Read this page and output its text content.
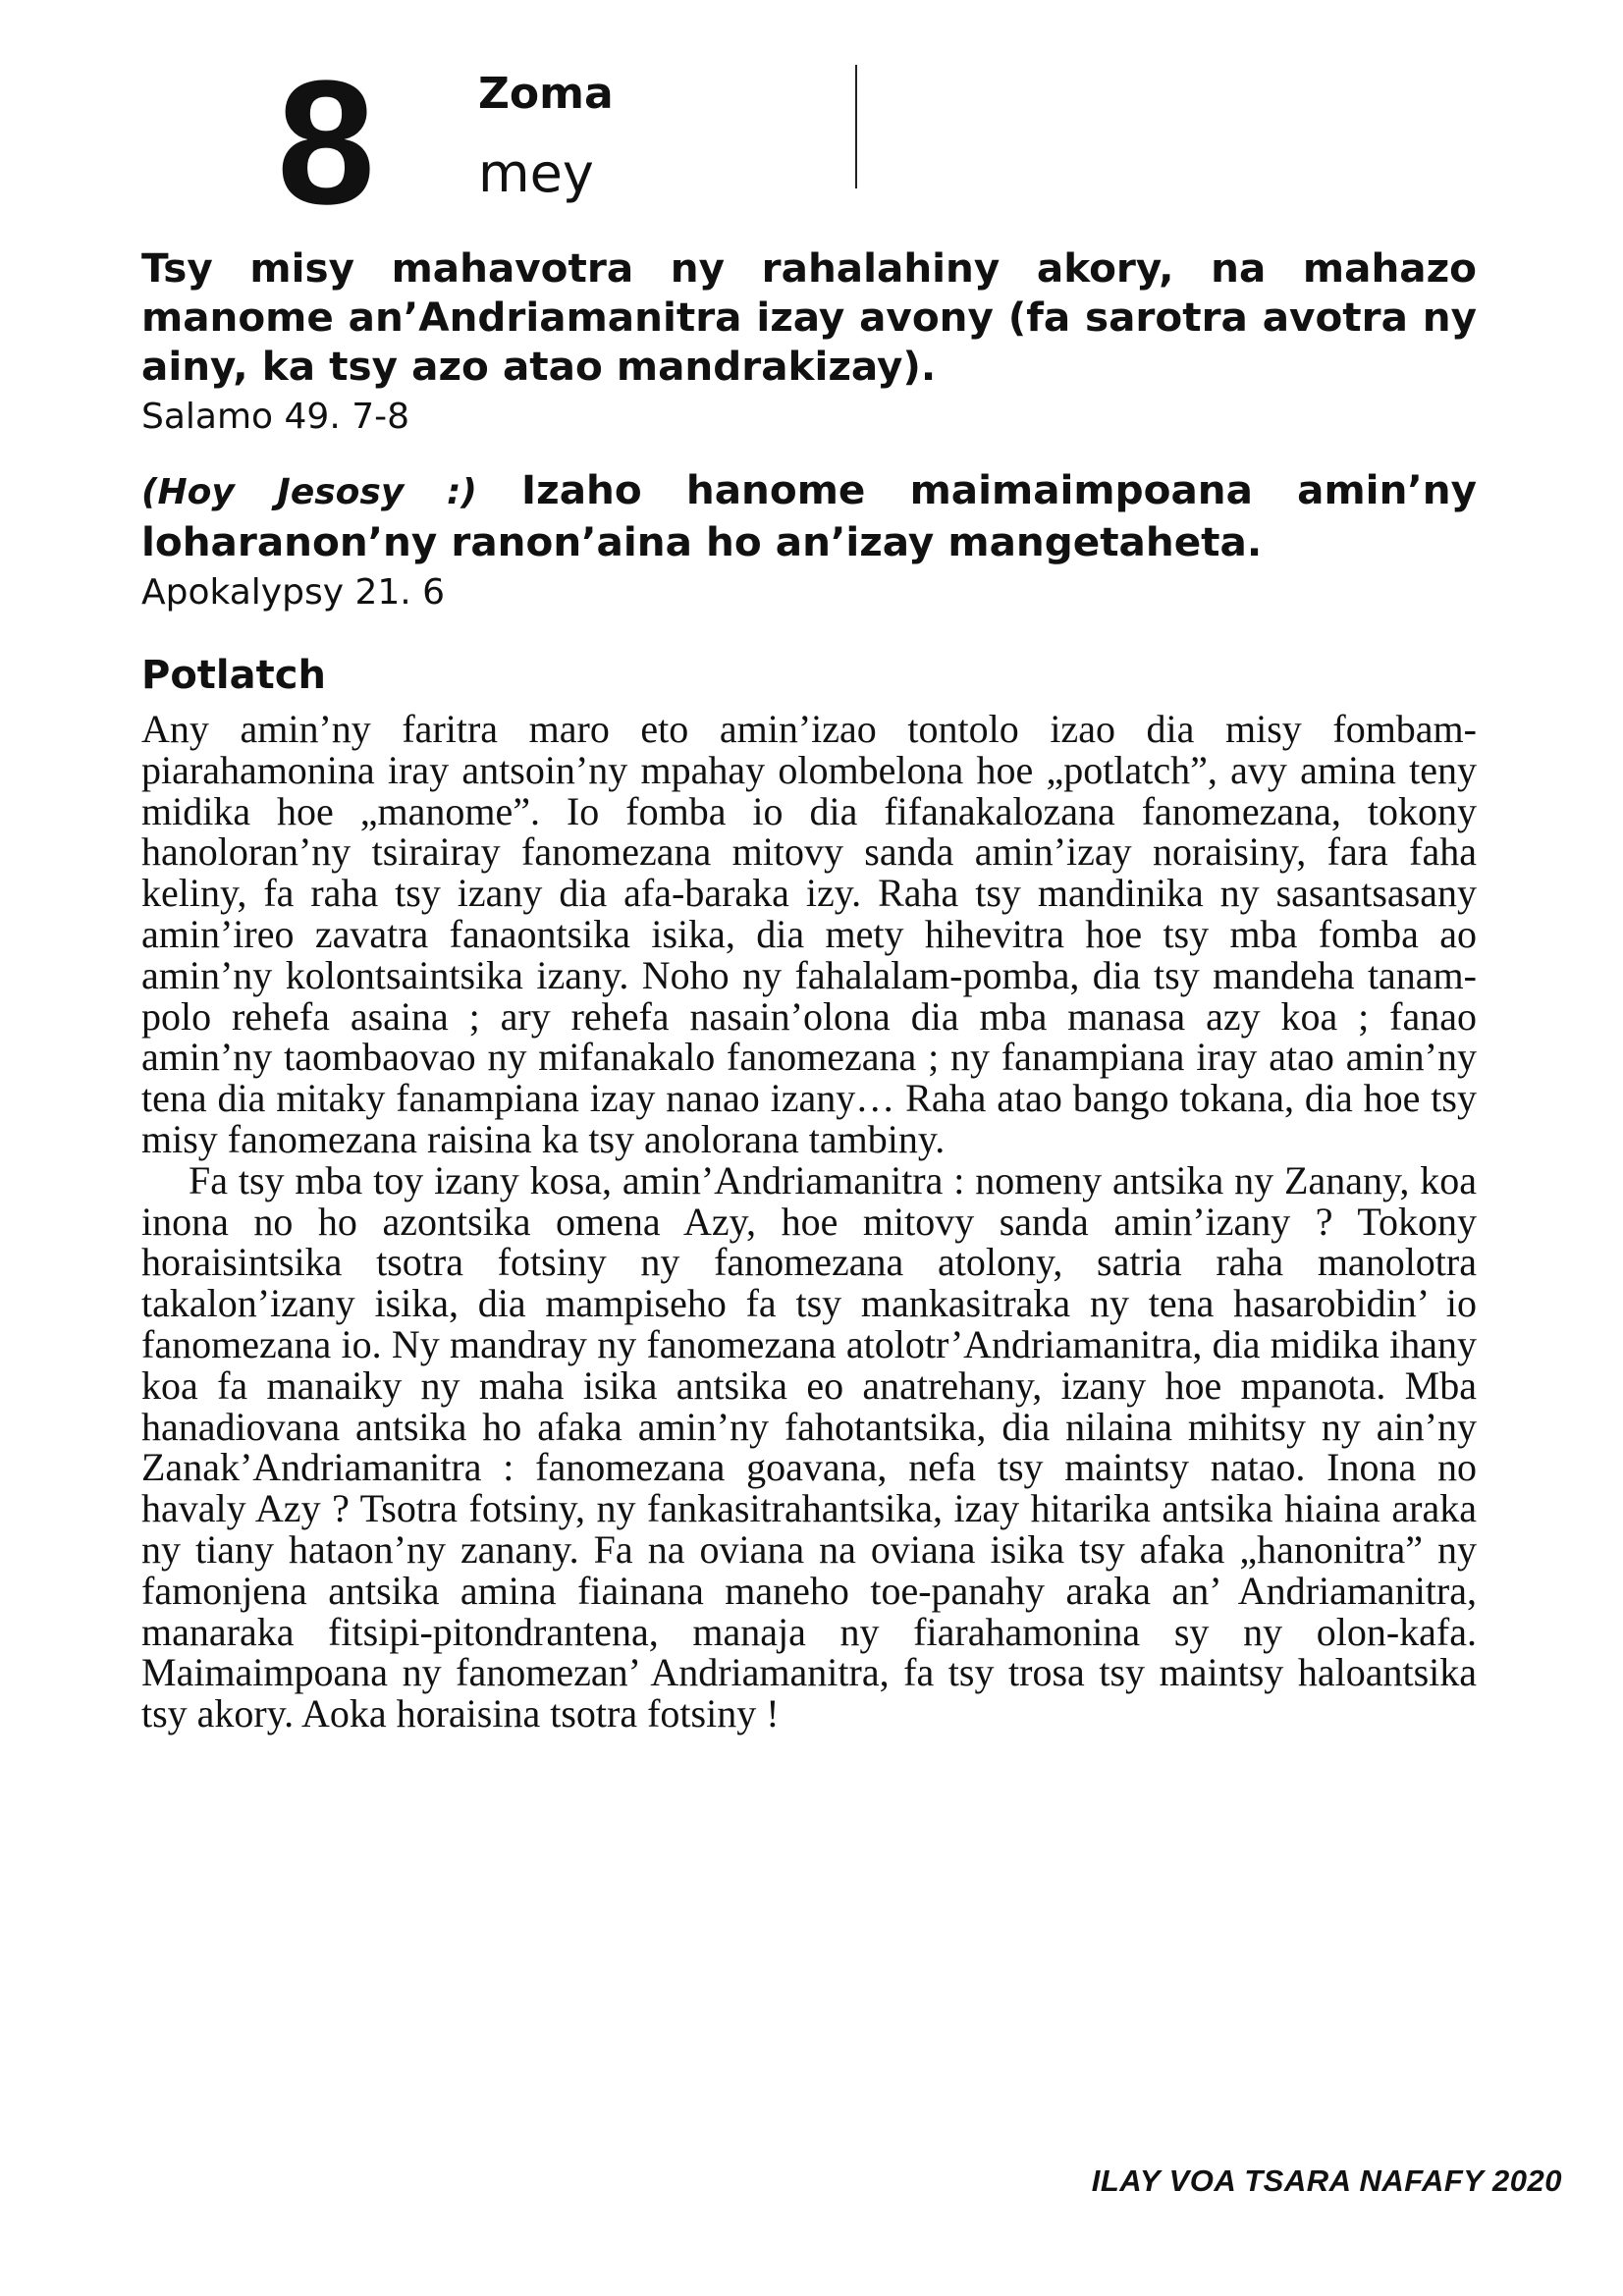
8 Zoma
mey

Tsy misy mahavotra ny rahalahiny akory, na mahazo manome an’Andriamanitra izay avony (fa sarotra avotra ny ainy, ka tsy azo atao mandrakizay).

Salamo 49. 7-8

(Hoy Jesosy :) Izaho hanome maimaimpoana amin’ny loharanon’ny ranon’aina ho an’izay mangetaheta.

Apokalypsy 21. 6

Potlatch

Any amin’ny faritra maro eto amin’izao tontolo izao dia misy fombam-piarahamonina iray antsoin’ny mpahay olombelona hoe „potlatch”, avy amina teny midika hoe „manome”. Io fomba io dia fifanakalozana fanomezana, tokony hanoloran’ny tsirairay fanomezana mitovy sanda amin’izay noraisiny, fara faha keliny, fa raha tsy izany dia afa-baraka izy. Raha tsy mandinika ny sasantsasany amin’ireo zavatra fanaontsika isika, dia mety hihevitra hoe tsy mba fomba ao amin’ny kolontsaintsika izany. Noho ny fahalalam-pomba, dia tsy mandeha tanam-polo rehefa asaina ; ary rehefa nasain’olona dia mba manasa azy koa ; fanao amin’ny taombaovao ny mifanakalo fanomezana ; ny fanampiana iray atao amin’ny tena dia mitaky fanampiana izay nanao izany… Raha atao bango tokana, dia hoe tsy misy fanomezana raisina ka tsy anolorana tambiny.

Fa tsy mba toy izany kosa, amin’Andriamanitra : nomeny antsika ny Zanany, koa inona no ho azontsika omena Azy, hoe mitovy sanda amin’izany ? Tokony horaisintsika tsotra fotsiny ny fanomezana atolony, satria raha manolotra takalon’izany isika, dia mampiseho fa tsy mankasitraka ny tena hasarobidin’ io fanomezana io. Ny mandray ny fanomezana atolotr’Andriamanitra, dia midika ihany koa fa manaiky ny maha isika antsika eo anatrehany, izany hoe mpanota. Mba hanadiovana antsika ho afaka amin’ny fahotantsika, dia nilaina mihitsy ny ain’ny Zanak’Andriamanitra : fanomezana goavana, nefa tsy maintsy natao. Inona no havaly Azy ? Tsotra fotsiny, ny fankasitrahantsika, izay hitarika antsika hiaina araka ny tiany hataon’ny zanany. Fa na oviana na oviana isika tsy afaka „hanonitra” ny famonjena antsika amina fiainana maneho toe-panahy araka an’ Andriamanitra, manaraka fitsipi-pitondrantena, manaja ny fiarahamonina sy ny olon-kafa. Maimaimpoana ny fanomezan’ Andriamanitra, fa tsy trosa tsy maintsy haloantsika tsy akory. Aoka horaisina tsotra fotsiny !

ILAY VOA TSARA NAFAFY 2020
